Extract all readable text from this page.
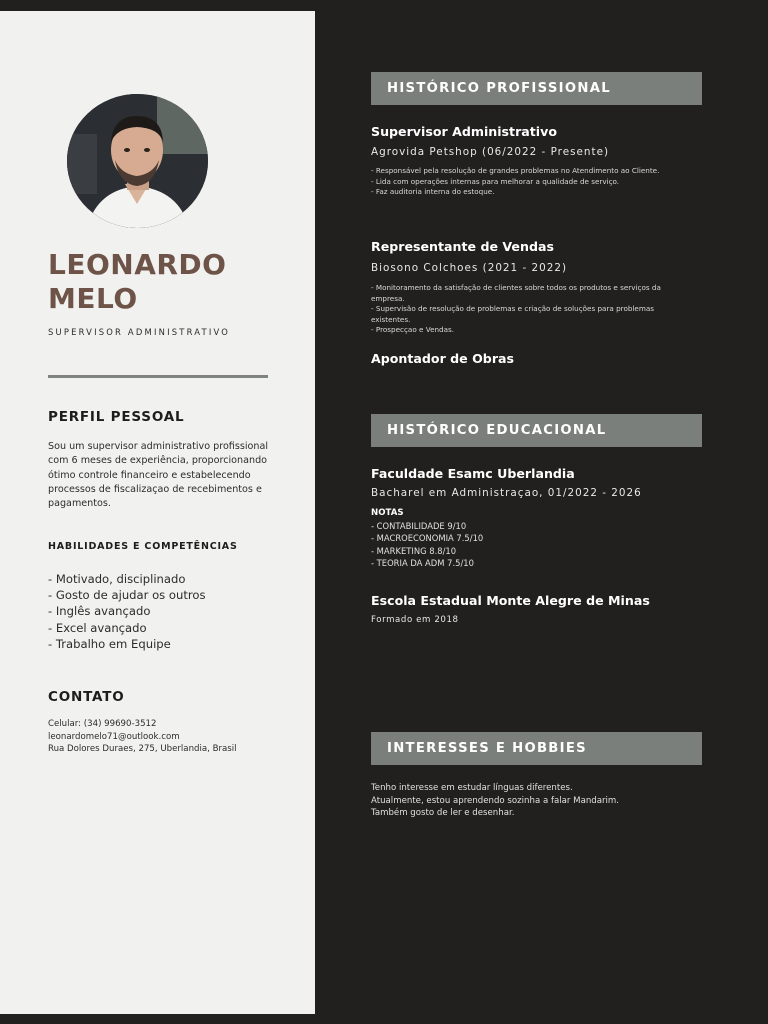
LEONARDO MELO

SUPERVISOR ADMINISTRATIVO

PERFIL PESSOAL

Sou um supervisor administrativo profissional com 6 meses de experiência, proporcionando ótimo controle financeiro e estabelecendo processos de fiscalizaçao de recebimentos e pagamentos.

HABILIDADES E COMPETÊNCIAS
- Motivado, disciplinado
- Gosto de ajudar os outros
- Inglês avançado
- Excel avançado
- Trabalho em Equipe
CONTATO
Celular: (34) 99690-3512
leonardomelo71@outlook.com
Rua Dolores Duraes, 275, Uberlandia, Brasil
HISTÓRICO PROFISSIONAL
Supervisor Administrativo

Agrovida Petshop (06/2022 - Presente)

- Responsável pela resolução de grandes problemas no Atendimento ao Cliente.
- Lida com operações internas para melhorar a qualidade de serviço.
- Faz auditoria interna do estoque.
Representante de Vendas

Biosono Colchoes (2021 - 2022)

- Monitoramento da satisfação de clientes sobre todos os produtos e serviços da empresa.
- Supervisão de resolução de problemas e criação de soluções para problemas existentes.
- Prospecçao e Vendas.
Apontador de Obras
HISTÓRICO EDUCACIONAL
Faculdade Esamc Uberlandia

Bacharel em Administraçao, 01/2022 - 2026

NOTAS

- CONTABILIDADE 9/10
- MACROECONOMIA 7.5/10
- MARKETING 8.8/10
- TEORIA DA ADM 7.5/10
Escola Estadual Monte Alegre de Minas

Formado em 2018

INTERESSES E HOBBIES
Tenho interesse em estudar línguas diferentes.
Atualmente, estou aprendendo sozinha a falar Mandarim.
Também gosto de ler e desenhar.
